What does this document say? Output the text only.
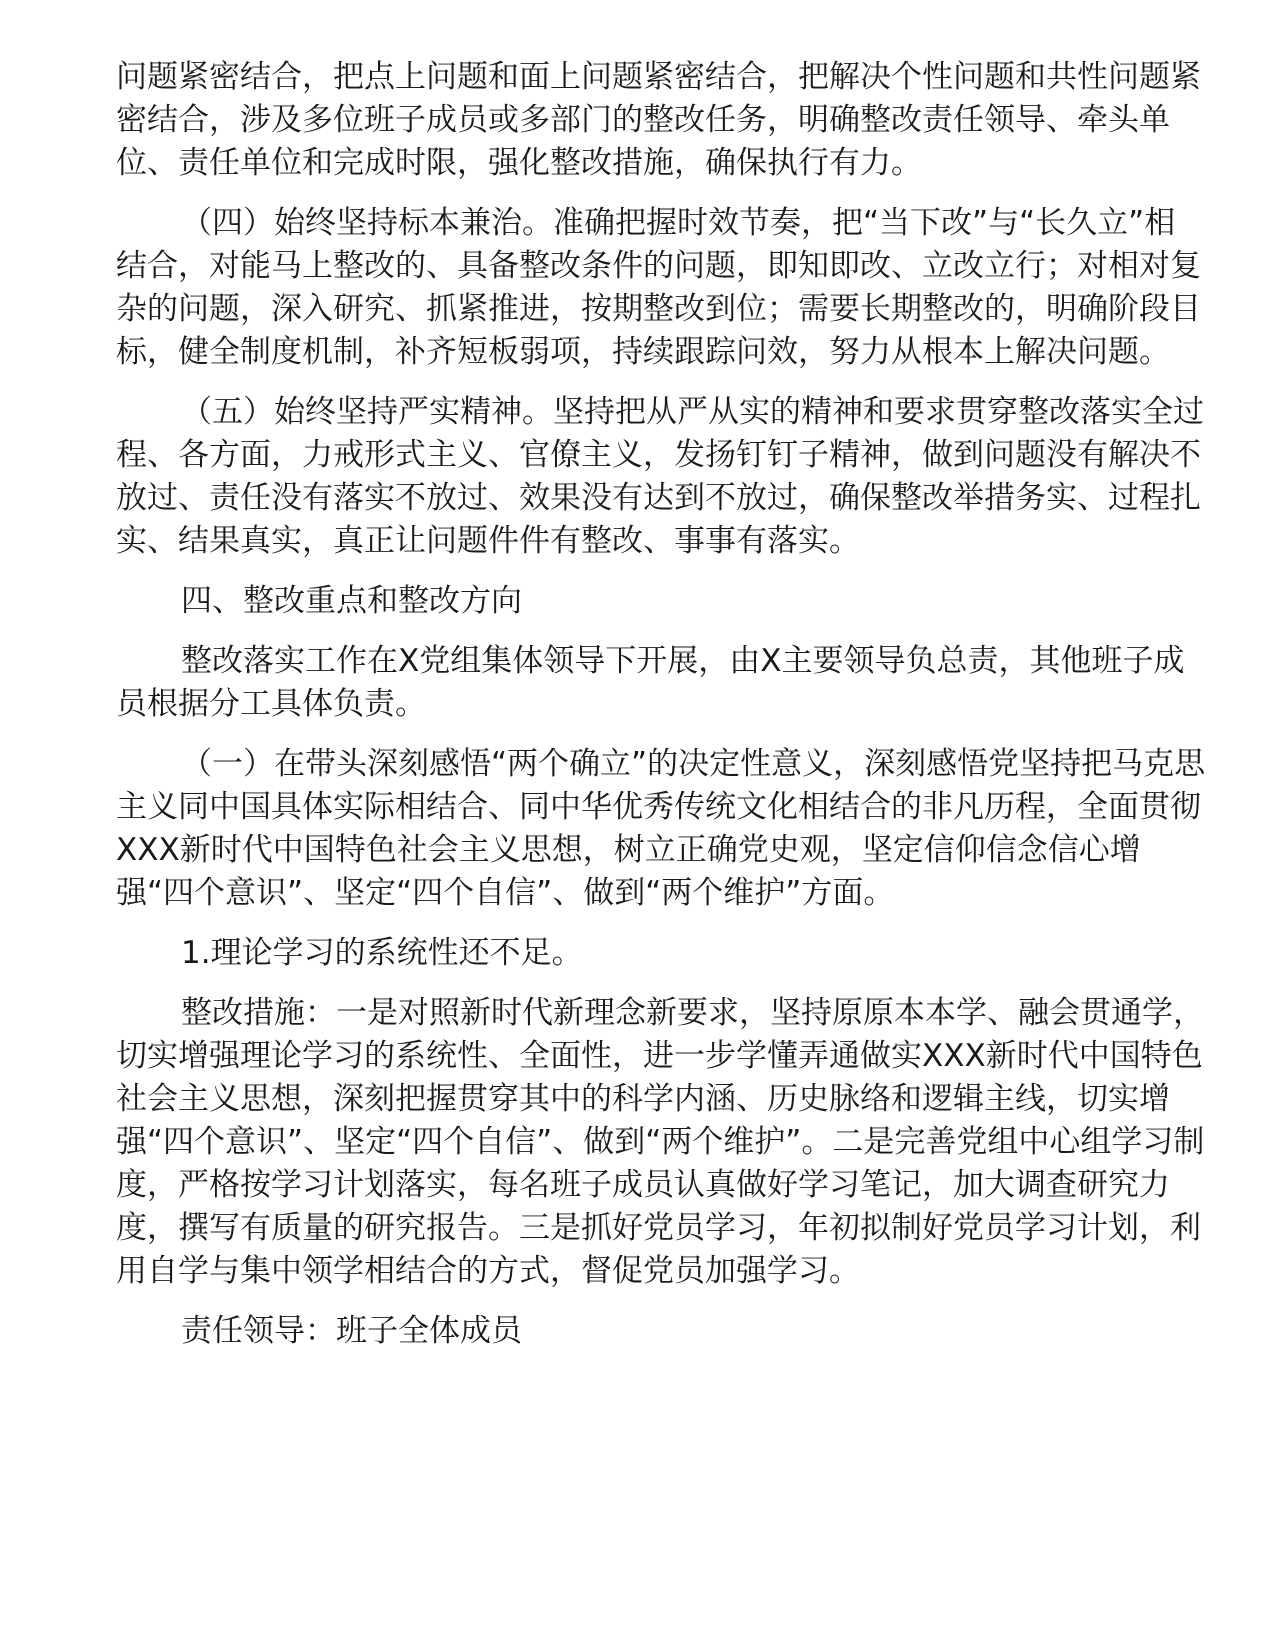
问题紧密结合，把点上问题和面上问题紧密结合，把解决个性问题和共性问题紧密结合，涉及多位班子成员或多部门的整改任务，明确整改责任领导、牵头单位、责任单位和完成时限，强化整改措施，确保执行有力。

（四）始终坚持标本兼治。准确把握时效节奏，把“当下改”与“长久立”相结合，对能马上整改的、具备整改条件的问题，即知即改、立改立行；对相对复杂的问题，深入研究、抓紧推进，按期整改到位；需要长期整改的，明确阶段目标，健全制度机制，补齐短板弱项，持续跟踪问效，努力从根本上解决问题。

（五）始终坚持严实精神。坚持把从严从实的精神和要求贯穿整改落实全过程、各方面，力戒形式主义、官僚主义，发扬钉钉子精神，做到问题没有解决不放过、责任没有落实不放过、效果没有达到不放过，确保整改举措务实、过程扎实、结果真实，真正让问题件件有整改、事事有落实。

四、整改重点和整改方向

整改落实工作在X党组集体领导下开展，由X主要领导负总责，其他班子成员根据分工具体负责。

（一）在带头深刻感悟“两个确立”的决定性意义，深刻感悟党坚持把马克思主义同中国具体实际相结合、同中华优秀传统文化相结合的非凡历程，全面贯彻XXX新时代中国特色社会主义思想，树立正确党史观，坚定信仰信念信心增强“四个意识”、坚定“四个自信”、做到“两个维护”方面。

1.理论学习的系统性还不足。

整改措施：一是对照新时代新理念新要求，坚持原原本本学、融会贯通学，切实增强理论学习的系统性、全面性，进一步学懂弄通做实XXX新时代中国特色社会主义思想，深刻把握贯穿其中的科学内涵、历史脉络和逻辑主线，切实增强“四个意识”、坚定“四个自信”、做到“两个维护”。二是完善党组中心组学习制度，严格按学习计划落实，每名班子成员认真做好学习笔记，加大调查研究力度，撰写有质量的研究报告。三是抓好党员学习，年初拟制好党员学习计划，利用自学与集中领学相结合的方式，督促党员加强学习。

责任领导：班子全体成员
